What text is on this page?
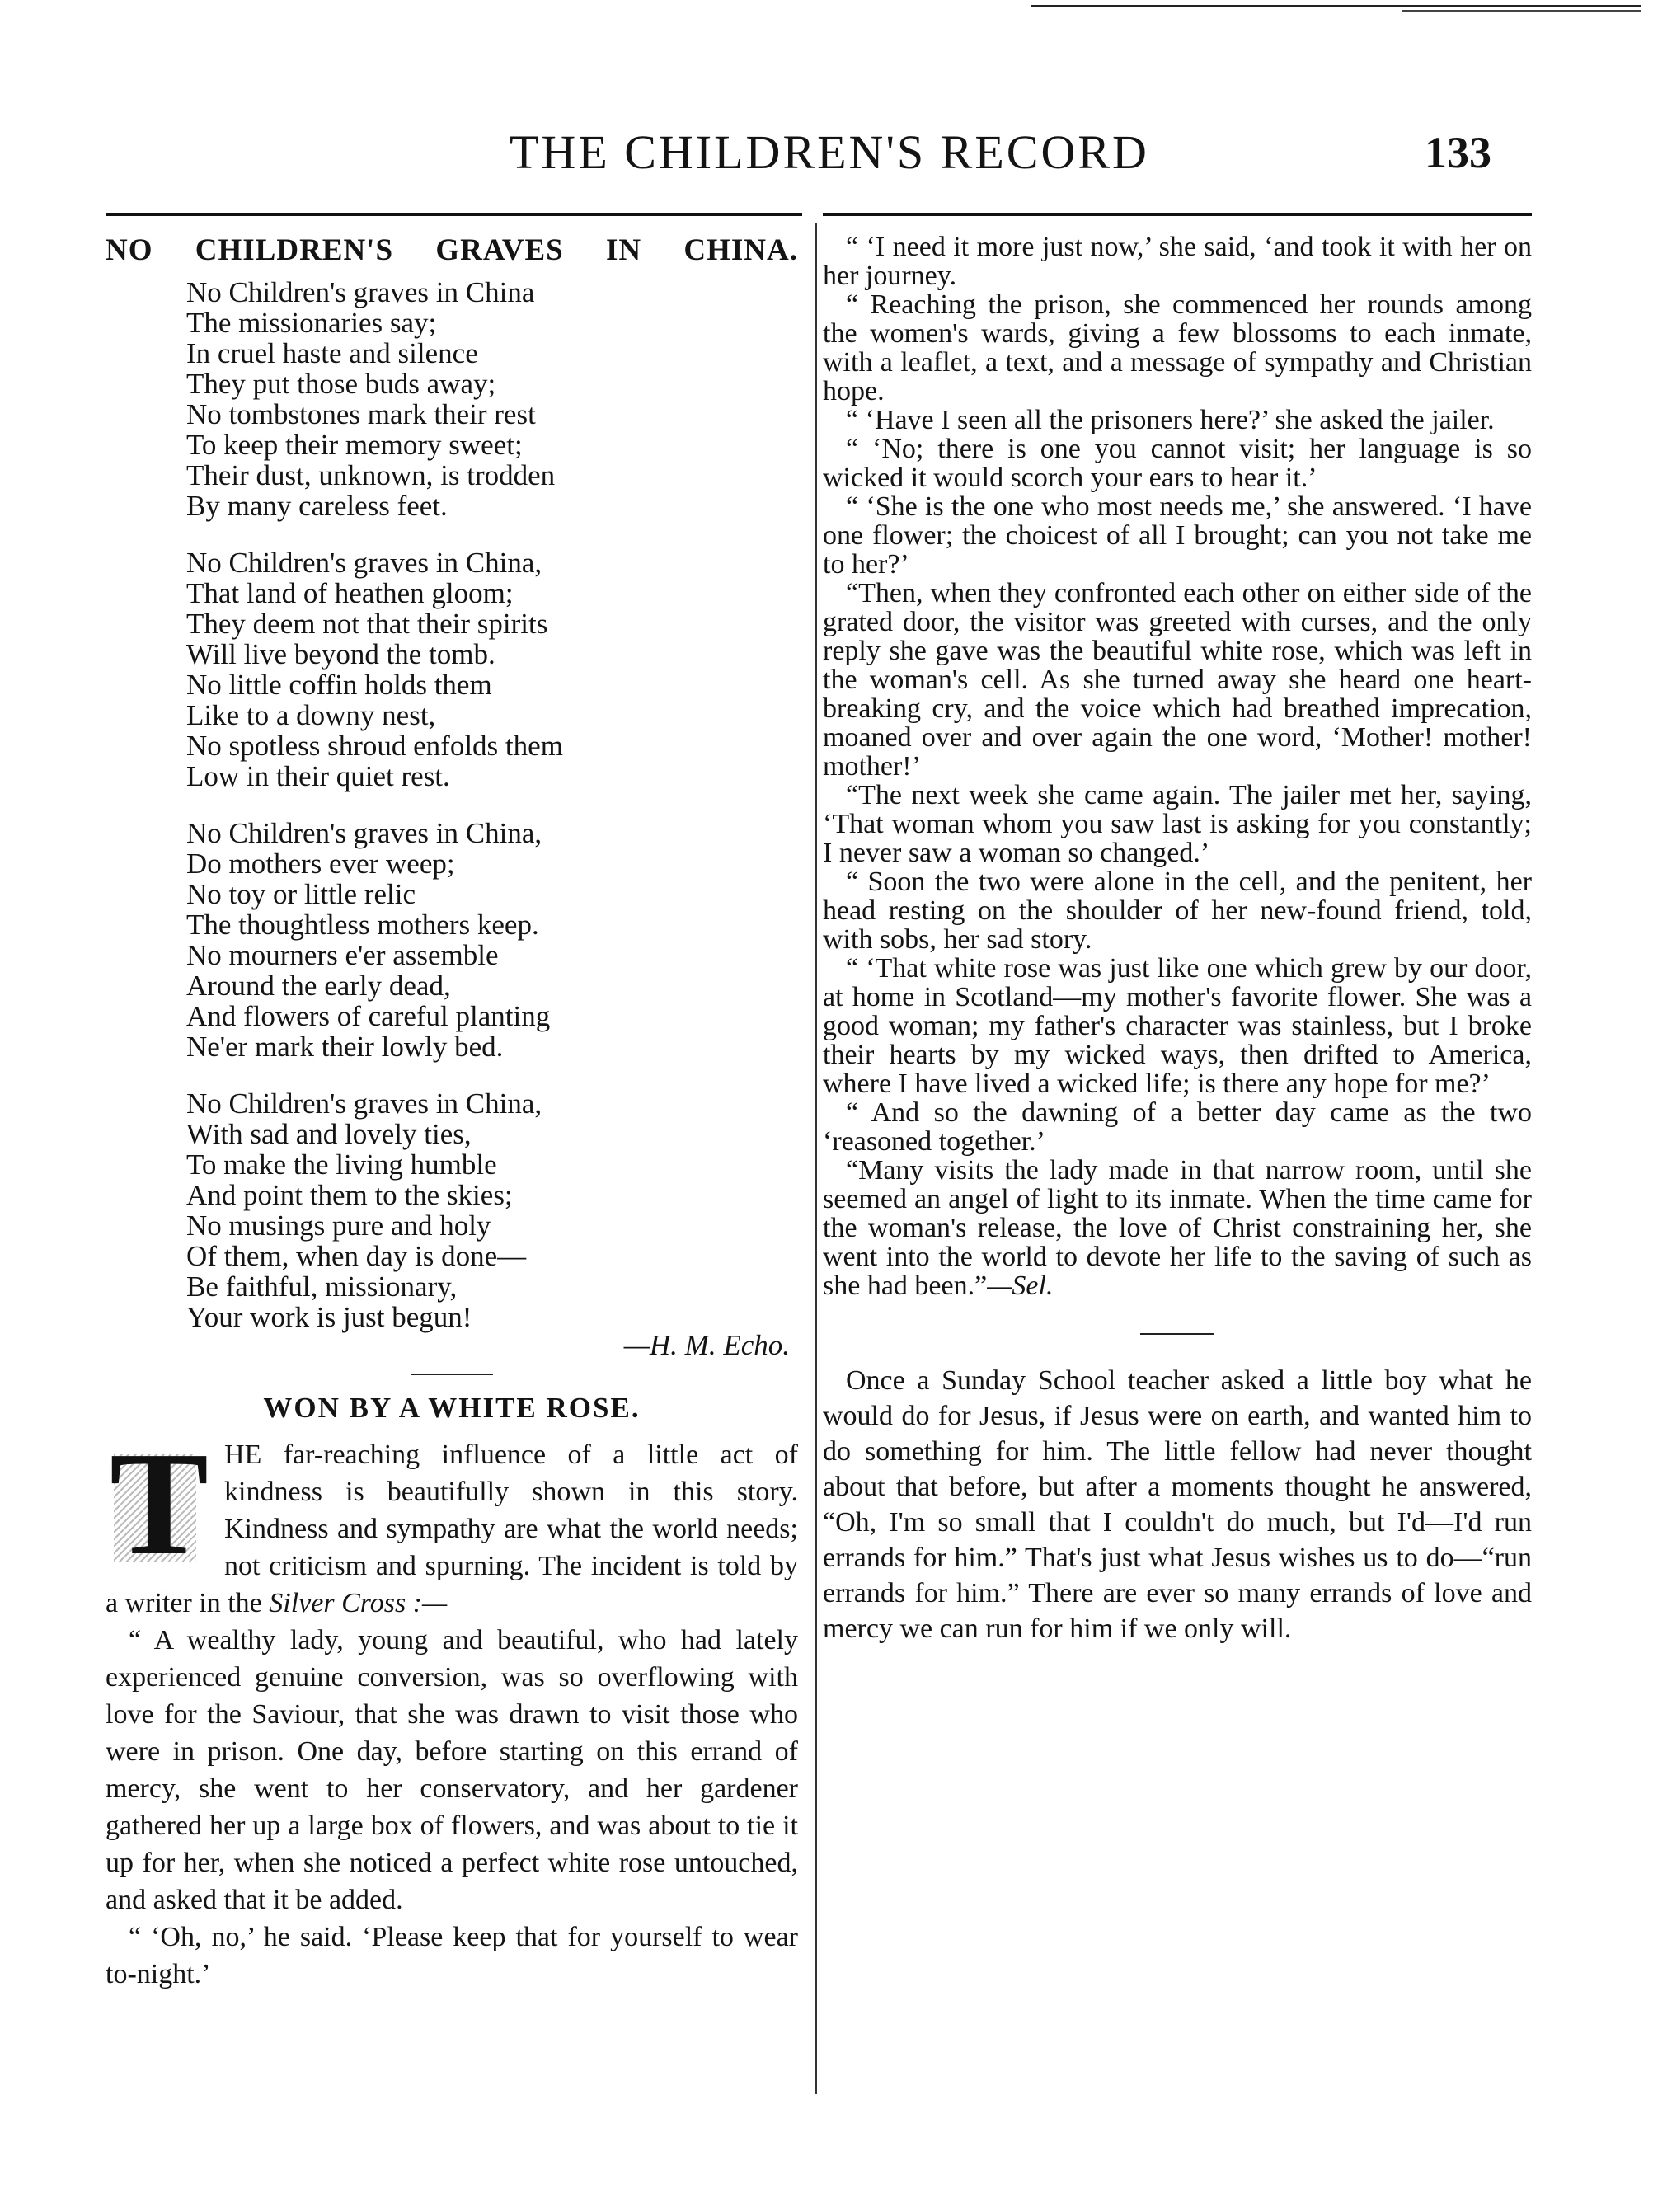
THE CHILDREN'S RECORD	133
NO CHILDREN'S GRAVES IN CHINA.
No Children's graves in China
The missionaries say;
In cruel haste and silence
They put those buds away;
No tombstones mark their rest
To keep their memory sweet;
Their dust, unknown, is trodden
By many careless feet.
No Children's graves in China,
That land of heathen gloom;
They deem not that their spirits
Will live beyond the tomb.
No little coffin holds them
Like to a downy nest,
No spotless shroud enfolds them
Low in their quiet rest.
No Children's graves in China,
Do mothers ever weep;
No toy or little relic
The thoughtless mothers keep.
No mourners e'er assemble
Around the early dead,
And flowers of careful planting
Ne'er mark their lowly bed.
No Children's graves in China,
With sad and lovely ties,
To make the living humble
And point them to the skies;
No musings pure and holy
Of them, when day is done—
Be faithful, missionary,
Your work is just begun!
—H. M. Echo.
WON BY A WHITE ROSE.
T HE far-reaching influence of a little act of kindness is beautifully shown in this story. Kindness and sympathy are what the world needs; not criticism and spurning. The incident is told by a writer in the Silver Cross :—

“ A wealthy lady, young and beautiful, who had lately experienced genuine conversion, was so overflowing with love for the Saviour, that she was drawn to visit those who were in prison. One day, before starting on this errand of mercy, she went to her conservatory, and her gardener gathered her up a large box of flowers, and was about to tie it up for her, when she noticed a perfect white rose untouched, and asked that it be added.

“ ‘Oh, no,’ he said. ‘Please keep that for yourself to wear to-night.’

“ ‘I need it more just now,’ she said, ‘and took it with her on her journey.

“ Reaching the prison, she commenced her rounds among the women's wards, giving a few blossoms to each inmate, with a leaflet, a text, and a message of sympathy and Christian hope.

“ ‘Have I seen all the prisoners here?’ she asked the jailer.

“ ‘No; there is one you cannot visit; her language is so wicked it would scorch your ears to hear it.’

“ ‘She is the one who most needs me,’ she answered. ‘I have one flower; the choicest of all I brought; can you not take me to her?’

“Then, when they confronted each other on either side of the grated door, the visitor was greeted with curses, and the only reply she gave was the beautiful white rose, which was left in the woman's cell. As she turned away she heard one heart-breaking cry, and the voice which had breathed imprecation, moaned over and over again the one word, ‘Mother! mother! mother!’

“The next week she came again. The jailer met her, saying, ‘That woman whom you saw last is asking for you constantly; I never saw a woman so changed.’

“ Soon the two were alone in the cell, and the penitent, her head resting on the shoulder of her new-found friend, told, with sobs, her sad story.

“ ‘That white rose was just like one which grew by our door, at home in Scotland—my mother's favorite flower. She was a good woman; my father's character was stainless, but I broke their hearts by my wicked ways, then drifted to America, where I have lived a wicked life; is there any hope for me?’

“ And so the dawning of a better day came as the two ‘reasoned together.’

“Many visits the lady made in that narrow room, until she seemed an angel of light to its inmate. When the time came for the woman's release, the love of Christ constraining her, she went into the world to devote her life to the saving of such as she had been.”

—Sel.

Once a Sunday School teacher asked a little boy what he would do for Jesus, if Jesus were on earth, and wanted him to do something for him. The little fellow had never thought about that before, but after a moments thought he answered, “Oh, I'm so small that I couldn't do much, but I'd—I'd run errands for him.” That's just what Jesus wishes us to do—“run errands for him.” There are ever so many errands of love and mercy we can run for him if we only will.
